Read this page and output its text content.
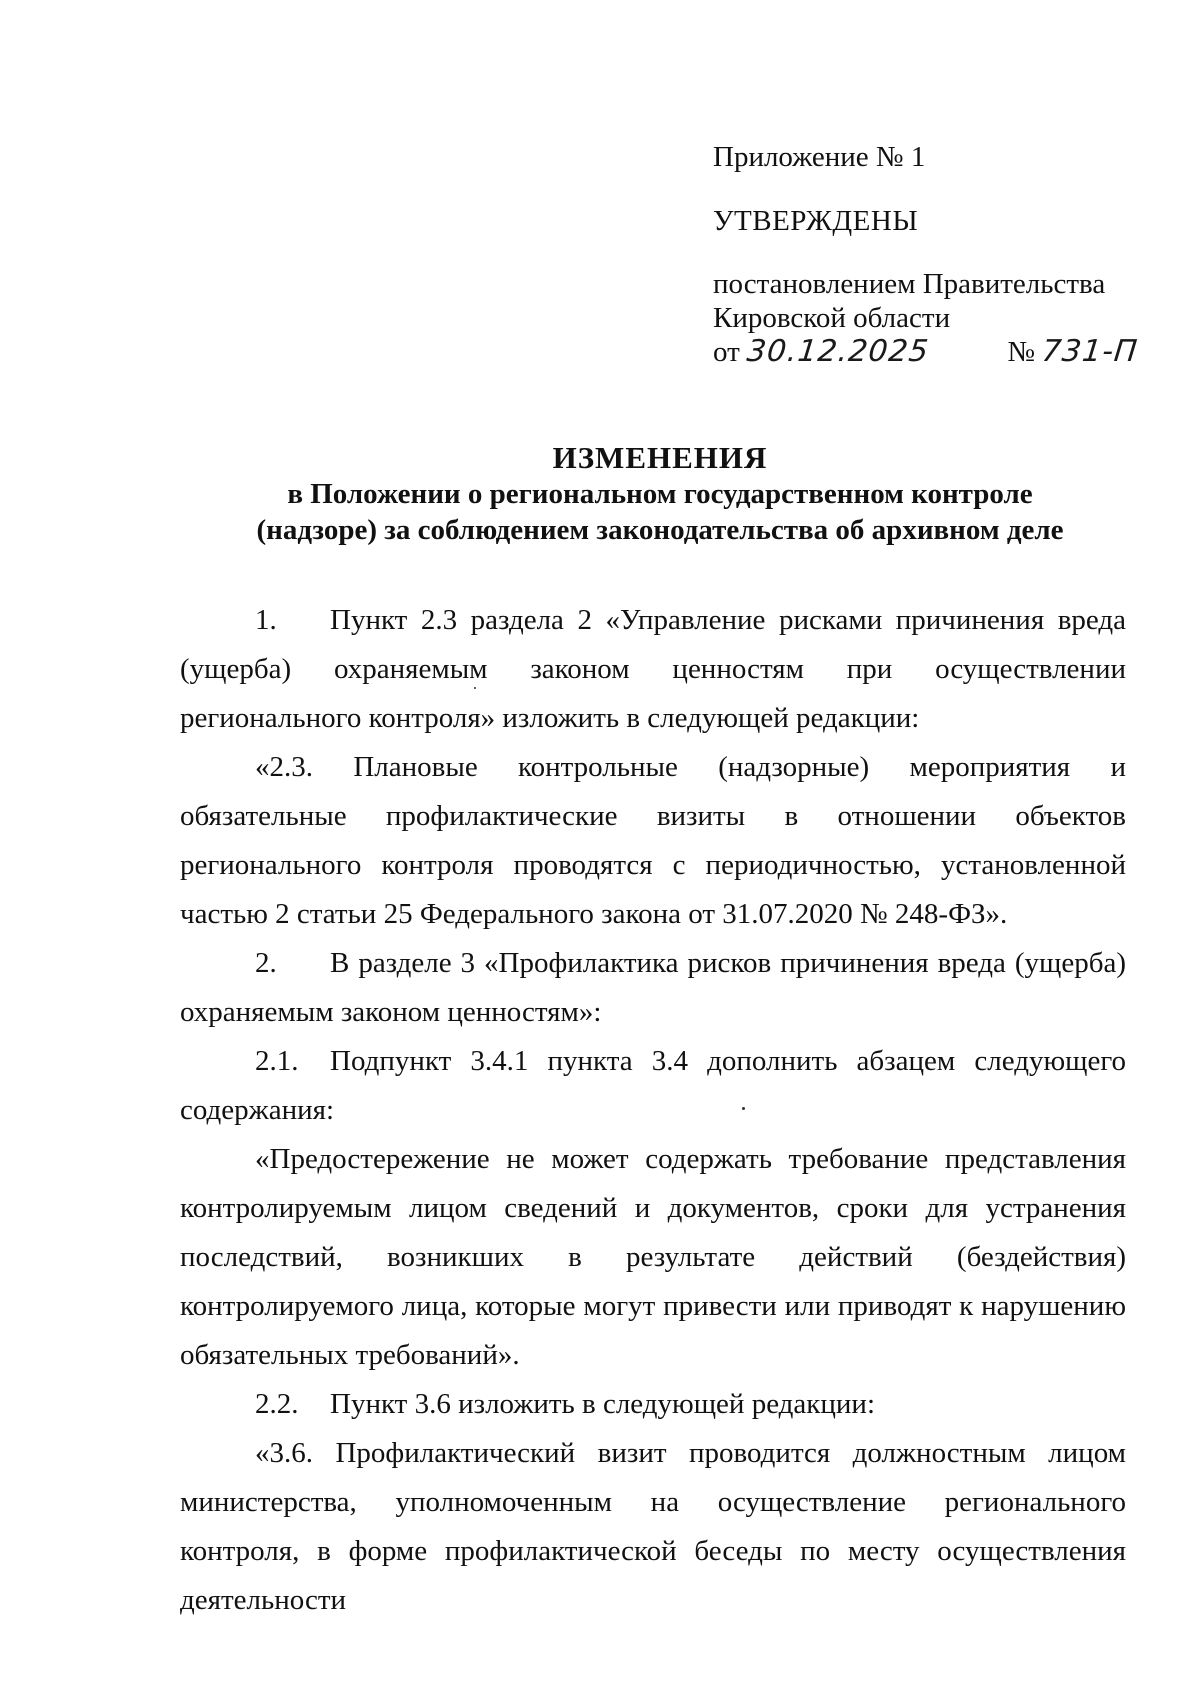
Приложение № 1
УТВЕРЖДЕНЫ
постановлением Правительства
Кировской области
от 30.12.2025	№ 731-П
ИЗМЕНЕНИЯ
в Положении о региональном государственном контроле
(надзоре) за соблюдением законодательства об архивном деле

1. Пункт 2.3 раздела 2 «Управление рисками причинения вреда (ущерба) охраняемым законом ценностям при осуществлении регионального контроля» изложить в следующей редакции:

«2.3. Плановые контрольные (надзорные) мероприятия и обязательные профилактические визиты в отношении объектов регионального контроля проводятся с периодичностью, установленной частью 2 статьи 25 Федерального закона от 31.07.2020 № 248-ФЗ».

2. В разделе 3 «Профилактика рисков причинения вреда (ущерба) охраняемым законом ценностям»:

2.1. Подпункт 3.4.1 пункта 3.4 дополнить абзацем следующего содержания:

«Предостережение не может содержать требование представления контролируемым лицом сведений и документов, сроки для устранения последствий, возникших в результате действий (бездействия) контролируемого лица, которые могут привести или приводят к нарушению обязательных требований».

2.2. Пункт 3.6 изложить в следующей редакции:

«3.6. Профилактический визит проводится должностным лицом министерства, уполномоченным на осуществление регионального контроля, в форме профилактической беседы по месту осуществления деятельности
